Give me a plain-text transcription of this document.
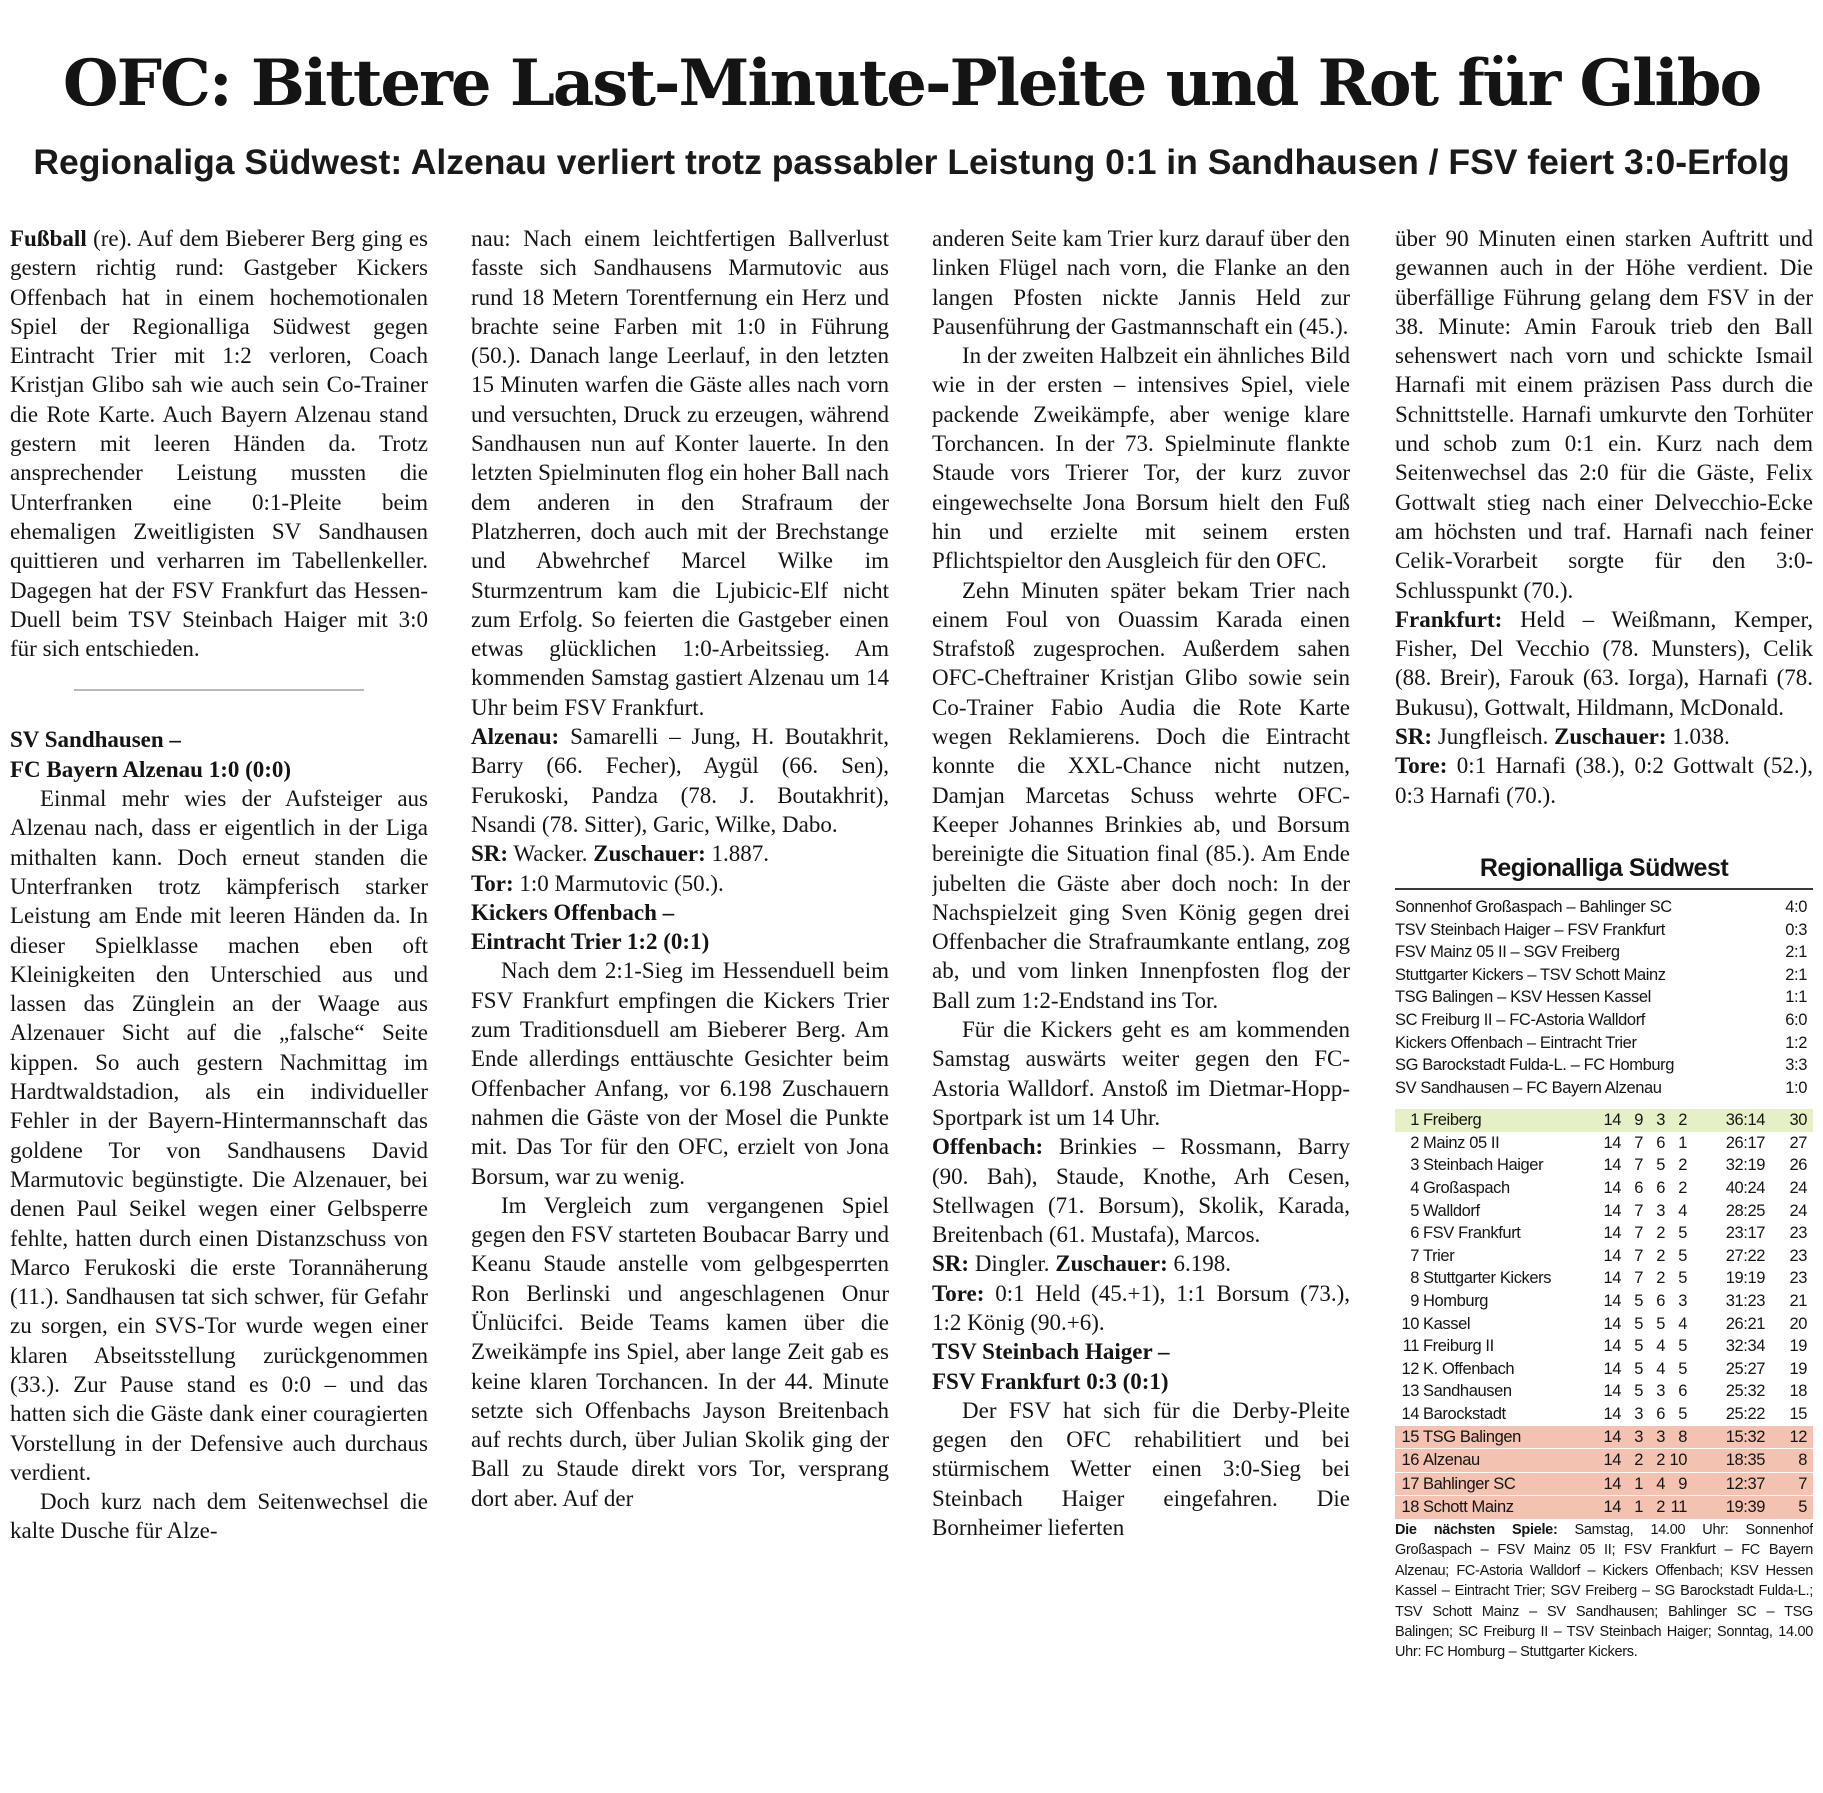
OFC: Bittere Last-Minute-Pleite und Rot für Glibo
Regionaliga Südwest: Alzenau verliert trotz passabler Leistung 0:1 in Sandhausen / FSV feiert 3:0-Erfolg

Fußball (re). Auf dem Bieberer Berg ging es gestern richtig rund: Gastgeber Kickers Offenbach hat in einem hochemotionalen Spiel der Regionalliga Südwest gegen Eintracht Trier mit 1:2 verloren, Coach Kristjan Glibo sah wie auch sein Co-Trainer die Rote Karte. Auch Bayern Alzenau stand gestern mit leeren Händen da. Trotz ansprechender Leistung mussten die Unterfranken eine 0:1-Pleite beim ehemaligen Zweitligisten SV Sandhausen quittieren und verharren im Tabellenkeller. Dagegen hat der FSV Frankfurt das Hessen-Duell beim TSV Steinbach Haiger mit 3:0 für sich entschieden.

SV Sandhausen –

FC Bayern Alzenau 1:0 (0:0)

Einmal mehr wies der Aufsteiger aus Alzenau nach, dass er eigentlich in der Liga mithalten kann. Doch erneut standen die Unterfranken trotz kämpferisch starker Leistung am Ende mit leeren Händen da. In dieser Spielklasse machen eben oft Kleinigkeiten den Unterschied aus und lassen das Zünglein an der Waage aus Alzenauer Sicht auf die „falsche“ Seite kippen. So auch gestern Nachmittag im Hardtwaldstadion, als ein individueller Fehler in der Bayern-Hintermannschaft das goldene Tor von Sandhausens David Marmutovic begünstigte. Die Alzenauer, bei denen Paul Seikel wegen einer Gelbsperre fehlte, hatten durch einen Distanzschuss von Marco Ferukoski die erste Torannäherung (11.). Sandhausen tat sich schwer, für Gefahr zu sorgen, ein SVS-Tor wurde wegen einer klaren Abseitsstellung zurückgenommen (33.). Zur Pause stand es 0:0 – und das hatten sich die Gäste dank einer couragierten Vorstellung in der Defensive auch durchaus verdient.

Doch kurz nach dem Seitenwechsel die kalte Dusche für Alze-

nau: Nach einem leichtfertigen Ballverlust fasste sich Sandhausens Marmutovic aus rund 18 Metern Torentfernung ein Herz und brachte seine Farben mit 1:0 in Führung (50.). Danach lange Leerlauf, in den letzten 15 Minuten warfen die Gäste alles nach vorn und versuchten, Druck zu erzeugen, während Sandhausen nun auf Konter lauerte. In den letzten Spielminuten flog ein hoher Ball nach dem anderen in den Strafraum der Platzherren, doch auch mit der Brechstange und Abwehrchef Marcel Wilke im Sturmzentrum kam die Ljubicic-Elf nicht zum Erfolg. So feierten die Gastgeber einen etwas glücklichen 1:0-Arbeitssieg. Am kommenden Samstag gastiert Alzenau um 14 Uhr beim FSV Frankfurt.

Alzenau: Samarelli – Jung, H. Boutakhrit, Barry (66. Fecher), Aygül (66. Sen), Ferukoski, Pandza (78. J. Boutakhrit), Nsandi (78. Sitter), Garic, Wilke, Dabo.

SR: Wacker. Zuschauer: 1.887.

Tor: 1:0 Marmutovic (50.).

Kickers Offenbach –

Eintracht Trier 1:2 (0:1)

Nach dem 2:1-Sieg im Hessenduell beim FSV Frankfurt empfingen die Kickers Trier zum Traditionsduell am Bieberer Berg. Am Ende allerdings enttäuschte Gesichter beim Offenbacher Anfang, vor 6.198 Zuschauern nahmen die Gäste von der Mosel die Punkte mit. Das Tor für den OFC, erzielt von Jona Borsum, war zu wenig.

Im Vergleich zum vergangenen Spiel gegen den FSV starteten Boubacar Barry und Keanu Staude anstelle vom gelbgesperrten Ron Berlinski und angeschlagenen Onur Ünlücifci. Beide Teams kamen über die Zweikämpfe ins Spiel, aber lange Zeit gab es keine klaren Torchancen. In der 44. Minute setzte sich Offenbachs Jayson Breitenbach auf rechts durch, über Julian Skolik ging der Ball zu Staude direkt vors Tor, versprang dort aber. Auf der

anderen Seite kam Trier kurz darauf über den linken Flügel nach vorn, die Flanke an den langen Pfosten nickte Jannis Held zur Pausenführung der Gastmannschaft ein (45.).

In der zweiten Halbzeit ein ähnliches Bild wie in der ersten – intensives Spiel, viele packende Zweikämpfe, aber wenige klare Torchancen. In der 73. Spielminute flankte Staude vors Trierer Tor, der kurz zuvor eingewechselte Jona Borsum hielt den Fuß hin und erzielte mit seinem ersten Pflichtspieltor den Ausgleich für den OFC.

Zehn Minuten später bekam Trier nach einem Foul von Ouassim Karada einen Strafstoß zugesprochen. Außerdem sahen OFC-Cheftrainer Kristjan Glibo sowie sein Co-Trainer Fabio Audia die Rote Karte wegen Reklamierens. Doch die Eintracht konnte die XXL-Chance nicht nutzen, Damjan Marcetas Schuss wehrte OFC-Keeper Johannes Brinkies ab, und Borsum bereinigte die Situation final (85.). Am Ende jubelten die Gäste aber doch noch: In der Nachspielzeit ging Sven König gegen drei Offenbacher die Strafraumkante entlang, zog ab, und vom linken Innenpfosten flog der Ball zum 1:2-Endstand ins Tor.

Für die Kickers geht es am kommenden Samstag auswärts weiter gegen den FC-Astoria Walldorf. Anstoß im Dietmar-Hopp-Sportpark ist um 14 Uhr.

Offenbach: Brinkies – Rossmann, Barry (90. Bah), Staude, Knothe, Arh Cesen, Stellwagen (71. Borsum), Skolik, Karada, Breitenbach (61. Mustafa), Marcos.

SR: Dingler. Zuschauer: 6.198.

Tore: 0:1 Held (45.+1), 1:1 Borsum (73.), 1:2 König (90.+6).

TSV Steinbach Haiger –

FSV Frankfurt 0:3 (0:1)

Der FSV hat sich für die Derby-Pleite gegen den OFC rehabilitiert und bei stürmischem Wetter einen 3:0-Sieg bei Steinbach Haiger eingefahren. Die Bornheimer lieferten

über 90 Minuten einen starken Auftritt und gewannen auch in der Höhe verdient. Die überfällige Führung gelang dem FSV in der 38. Minute: Amin Farouk trieb den Ball sehenswert nach vorn und schickte Ismail Harnafi mit einem präzisen Pass durch die Schnittstelle. Harnafi umkurvte den Torhüter und schob zum 0:1 ein. Kurz nach dem Seitenwechsel das 2:0 für die Gäste, Felix Gottwalt stieg nach einer Delvecchio-Ecke am höchsten und traf. Harnafi nach feiner Celik-Vorarbeit sorgte für den 3:0-Schlusspunkt (70.).

Frankfurt: Held – Weißmann, Kemper, Fisher, Del Vecchio (78. Munsters), Celik (88. Breir), Farouk (63. Iorga), Harnafi (78. Bukusu), Gottwalt, Hildmann, McDonald.

SR: Jungfleisch. Zuschauer: 1.038.

Tore: 0:1 Harnafi (38.), 0:2 Gottwalt (52.), 0:3 Harnafi (70.).

Regionalliga Südwest
Sonnenhof Großaspach – Bahlinger SC	4:0
TSV Steinbach Haiger – FSV Frankfurt	0:3
FSV Mainz 05 II – SGV Freiberg	2:1
Stuttgarter Kickers – TSV Schott Mainz	2:1
TSG Balingen – KSV Hessen Kassel	1:1
SC Freiburg II – FC-Astoria Walldorf	6:0
Kickers Offenbach – Eintracht Trier	1:2
SG Barockstadt Fulda-L. – FC Homburg	3:3
SV Sandhausen – FC Bayern Alzenau	1:0
1 Freiberg	14 9 3 2	36:14	30
2 Mainz 05 II	14 7 6 1	26:17	27
3 Steinbach Haiger	14 7 5 2	32:19	26
4 Großaspach	14 6 6 2	40:24	24
5 Walldorf	14 7 3 4	28:25	24
6 FSV Frankfurt	14 7 2 5	23:17	23
7 Trier	14 7 2 5	27:22	23
8 Stuttgarter Kickers	14 7 2 5	19:19	23
9 Homburg	14 5 6 3	31:23	21
10 Kassel	14 5 5 4	26:21	20
11 Freiburg II	14 5 4 5	32:34	19
12 K. Offenbach	14 5 4 5	25:27	19
13 Sandhausen	14 5 3 6	25:32	18
14 Barockstadt	14 3 6 5	25:22	15
15 TSG Balingen	14 3 3 8	15:32	12
16 Alzenau	14 2 2 10	18:35	8
17 Bahlinger SC	14 1 4 9	12:37	7
18 Schott Mainz	14 1 2 11	19:39	5

Die nächsten Spiele: Samstag, 14.00 Uhr: Sonnenhof Großaspach – FSV Mainz 05 II; FSV Frankfurt – FC Bayern Alzenau; FC-Astoria Walldorf – Kickers Offenbach; KSV Hessen Kassel – Eintracht Trier; SGV Freiberg – SG Barockstadt Fulda-L.; TSV Schott Mainz – SV Sandhausen; Bahlinger SC – TSG Balingen; SC Freiburg II – TSV Steinbach Haiger; Sonntag, 14.00 Uhr: FC Homburg – Stuttgarter Kickers.
